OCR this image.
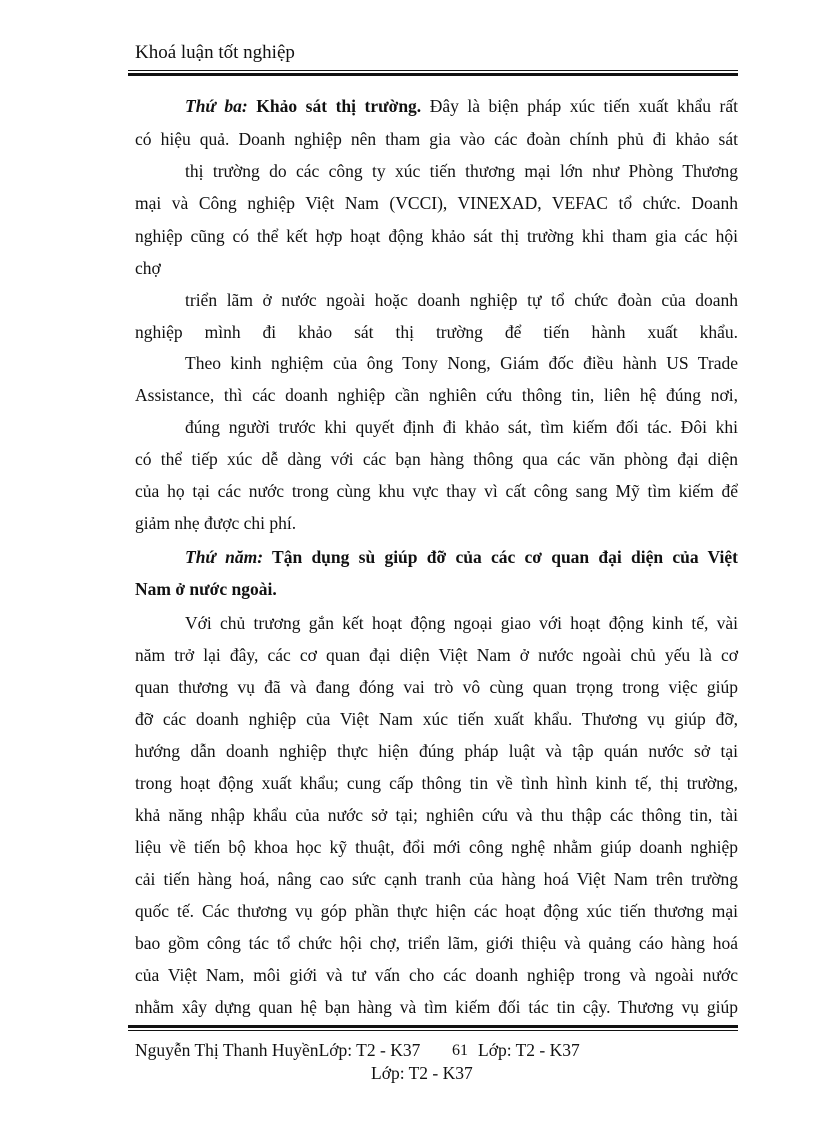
Khoá luận tốt nghiệp
Thứ ba: Khảo sát thị trường. Đây là biện pháp xúc tiến xuất khẩu rất
có hiệu quả. Doanh nghiệp nên tham gia vào các đoàn chính phủ đi khảo sát
thị trường do các công ty xúc tiến thương mại lớn như Phòng Thương
mại và Công nghiệp Việt Nam (VCCI), VINEXAD, VEFAC tổ chức. Doanh
nghiệp cũng có thể kết hợp hoạt động khảo sát thị trường khi tham gia các hội
chợ
triển lãm ở nước ngoài hoặc doanh nghiệp tự tổ chức đoàn của doanh
nghiệp mình đi khảo sát thị trường để tiến hành xuất khẩu.
Theo kinh nghiệm của ông Tony Nong, Giám đốc điều hành US Trade
Assistance, thì các doanh nghiệp cần nghiên cứu thông tin, liên hệ đúng nơi,
đúng người trước khi quyết định đi khảo sát, tìm kiếm đối tác. Đôi khi
có thể tiếp xúc dễ dàng với các bạn hàng thông qua các văn phòng đại diện
của họ tại các nước trong cùng khu vực thay vì cất công sang Mỹ tìm kiếm để
giảm nhẹ được chi phí.
Thứ năm: Tận dụng sù giúp đỡ của các cơ quan đại diện của Việt
Nam ở nước ngoài.
Với chủ trương gắn kết hoạt động ngoại giao với hoạt động kinh tế, vài
năm trở lại đây, các cơ quan đại diện Việt Nam ở nước ngoài chủ yếu là cơ
quan thương vụ đã và đang đóng vai trò vô cùng quan trọng trong việc giúp
đỡ các doanh nghiệp của Việt Nam xúc tiến xuất khẩu. Thương vụ giúp đỡ,
hướng dẫn doanh nghiệp thực hiện đúng pháp luật và tập quán nước sở tại
trong hoạt động xuất khẩu; cung cấp thông tin về tình hình kinh tế, thị trường,
khả năng nhập khẩu của nước sở tại; nghiên cứu và thu thập các thông tin, tài
liệu về tiến bộ khoa học kỹ thuật, đổi mới công nghệ nhằm giúp doanh nghiệp
cải tiến hàng hoá, nâng cao sức cạnh tranh của hàng hoá Việt Nam trên trường
quốc tế. Các thương vụ góp phần thực hiện các hoạt động xúc tiến thương mại
bao gồm công tác tổ chức hội chợ, triển lãm, giới thiệu và quảng cáo hàng hoá
của Việt Nam, môi giới và tư vấn cho các doanh nghiệp trong và ngoài nước
nhằm xây dựng quan hệ bạn hàng và tìm kiếm đối tác tin cậy. Thương vụ giúp
Nguyễn Thị Thanh HuyềnLớp: T2 - K37 61 Lớp: T2 - K37
Lớp: T2 - K37
